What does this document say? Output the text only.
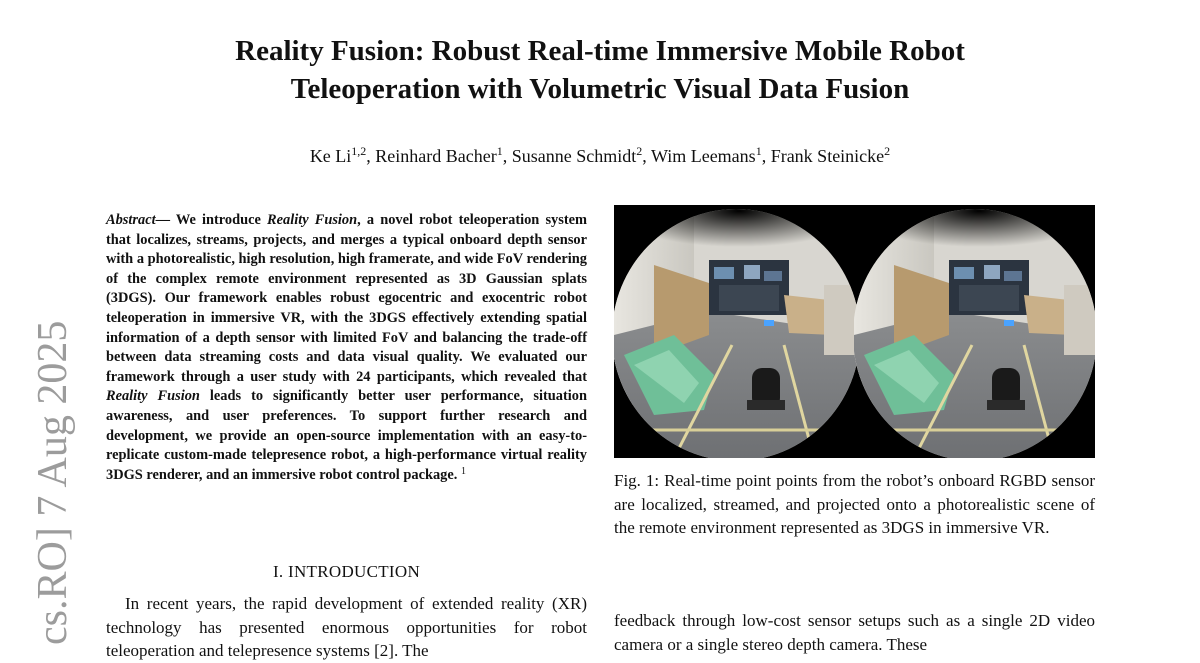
Reality Fusion: Robust Real-time Immersive Mobile Robot
Teleoperation with Volumetric Visual Data Fusion
Ke Li$^{1,2}$, Reinhard Bacher$^1$, Susanne Schmidt$^2$, Wim Leemans$^1$, Frank Steinicke$^2$
cs.RO] 7 Aug 2025
Abstract— We introduce Reality Fusion, a novel robot teleoperation system that localizes, streams, projects, and merges a typical onboard depth sensor with a photorealistic, high resolution, high framerate, and wide FoV rendering of the complex remote environment represented as 3D Gaussian splats (3DGS). Our framework enables robust egocentric and exocentric robot teleoperation in immersive VR, with the 3DGS effectively extending spatial information of a depth sensor with limited FoV and balancing the trade-off between data streaming costs and data visual quality. We evaluated our framework through a user study with 24 participants, which revealed that Reality Fusion leads to significantly better user performance, situation awareness, and user preferences. To support further research and development, we provide an open-source implementation with an easy-to-replicate custom-made telepresence robot, a high-performance virtual reality 3DGS renderer, and an immersive robot control package. $^1$
I. INTRODUCTION
In recent years, the rapid development of extended reality (XR) technology has presented enormous opportunities for robot teleoperation and telepresence systems [2]. The
Fig. 1: Real-time point points from the robot’s onboard RGBD sensor are localized, streamed, and projected onto a photorealistic scene of the remote environment represented as 3DGS in immersive VR.
feedback through low-cost sensor setups such as a single 2D video camera or a single stereo depth camera. These
